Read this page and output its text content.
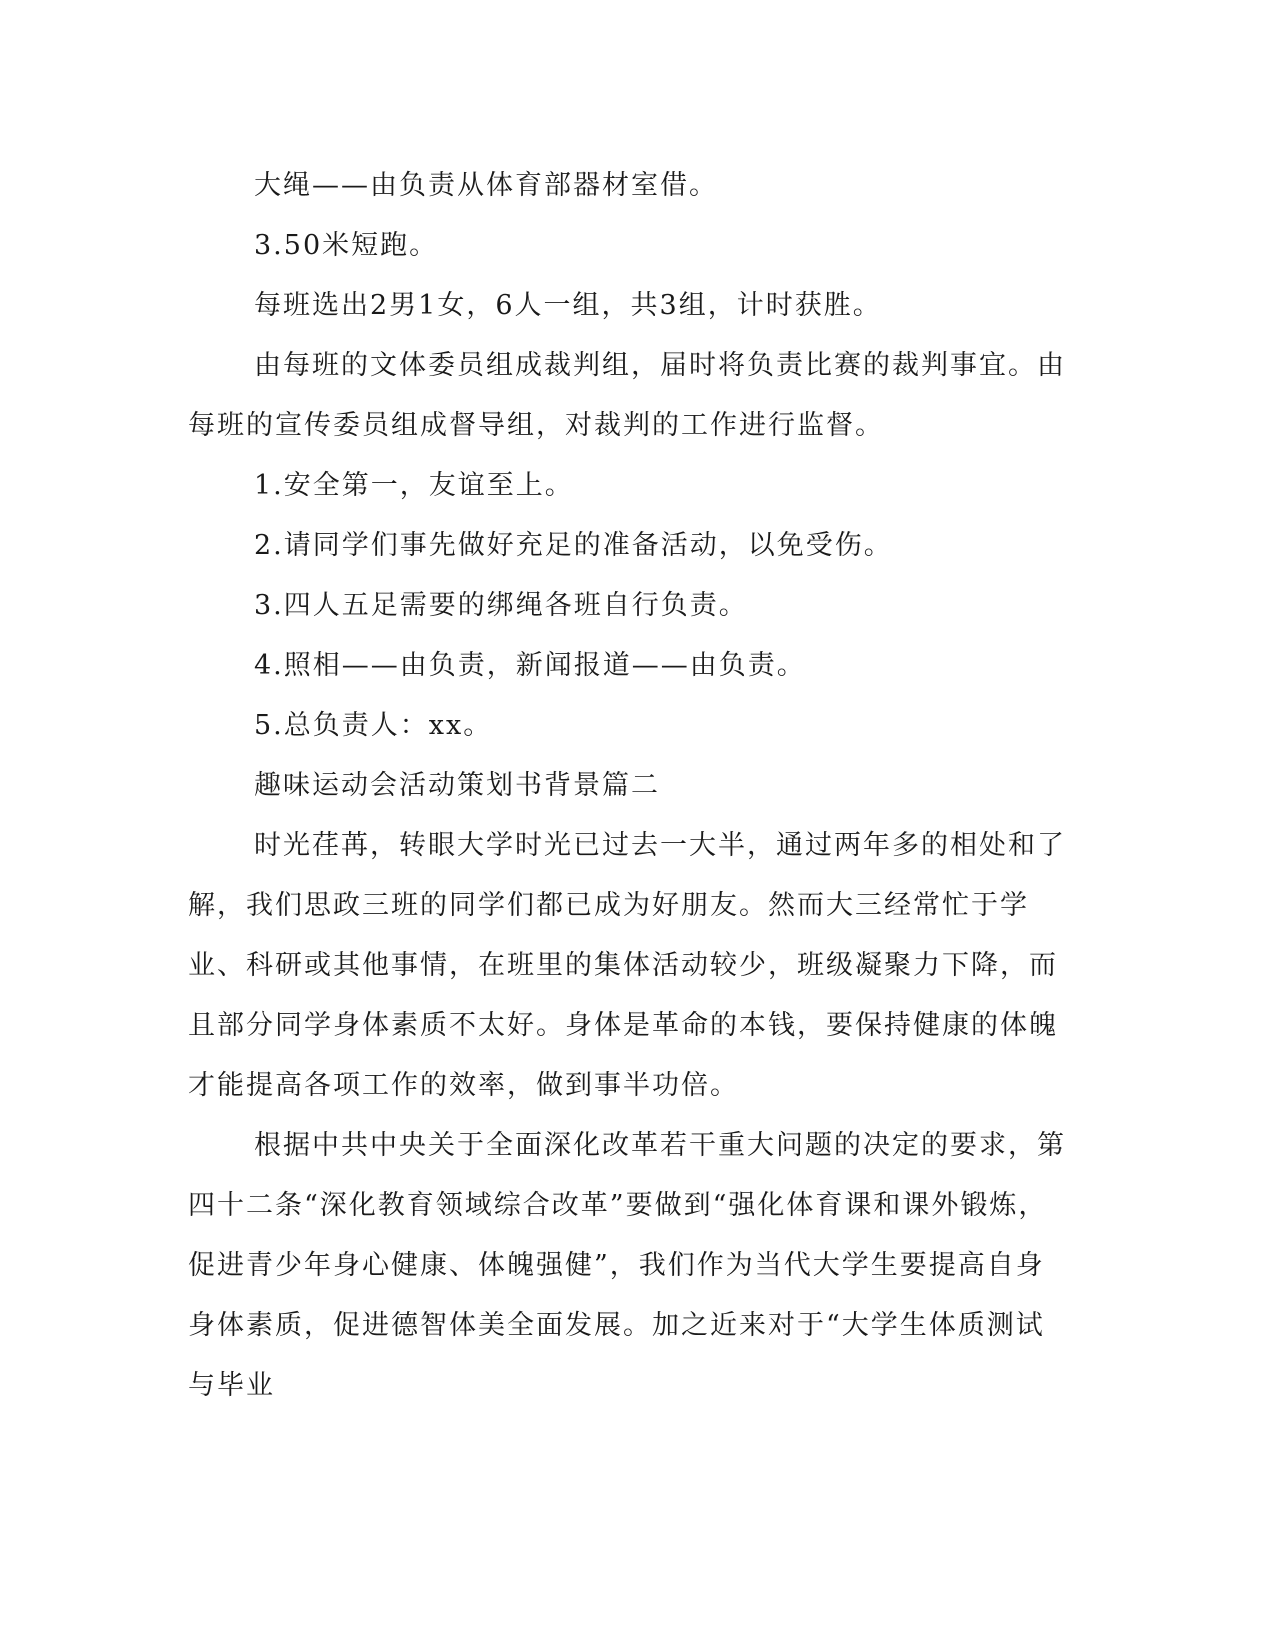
大绳——由负责从体育部器材室借。

3.50米短跑。

每班选出2男1女，6人一组，共3组，计时获胜。

由每班的文体委员组成裁判组，届时将负责比赛的裁判事宜。由每班的宣传委员组成督导组，对裁判的工作进行监督。

1.安全第一，友谊至上。

2.请同学们事先做好充足的准备活动，以免受伤。

3.四人五足需要的绑绳各班自行负责。

4.照相——由负责，新闻报道——由负责。

5.总负责人：xx。

趣味运动会活动策划书背景篇二

时光荏苒，转眼大学时光已过去一大半，通过两年多的相处和了解，我们思政三班的同学们都已成为好朋友。然而大三经常忙于学业、科研或其他事情，在班里的集体活动较少，班级凝聚力下降，而且部分同学身体素质不太好。身体是革命的本钱，要保持健康的体魄才能提高各项工作的效率，做到事半功倍。

根据中共中央关于全面深化改革若干重大问题的决定的要求，第四十二条“深化教育领域综合改革”要做到“强化体育课和课外锻炼，促进青少年身心健康、体魄强健”，我们作为当代大学生要提高自身身体素质，促进德智体美全面发展。加之近来对于“大学生体质测试与毕业
